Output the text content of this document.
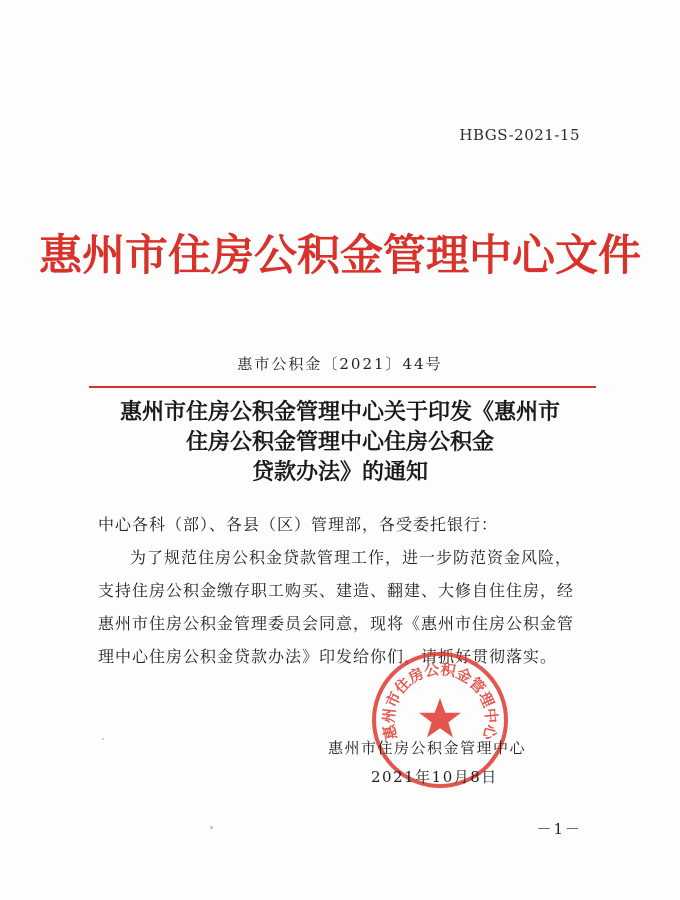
HBGS-2021-15
惠州市住房公积金管理中心文件
惠市公积金〔2021〕44号
惠州市住房公积金管理中心关于印发《惠州市
住房公积金管理中心住房公积金
贷款办法》的通知

中心各科（部）、各县（区）管理部，各受委托银行：

为了规范住房公积金贷款管理工作，进一步防范资金风险，支持住房公积金缴存职工购买、建造、翻建、大修自住住房，经惠州市住房公积金管理委员会同意，现将《惠州市住房公积金管理中心住房公积金贷款办法》印发给你们，请抓好贯彻落实。

惠州市住房公积金管理中心
惠州市住房公积金管理中心
2021年10月8日
－1－
